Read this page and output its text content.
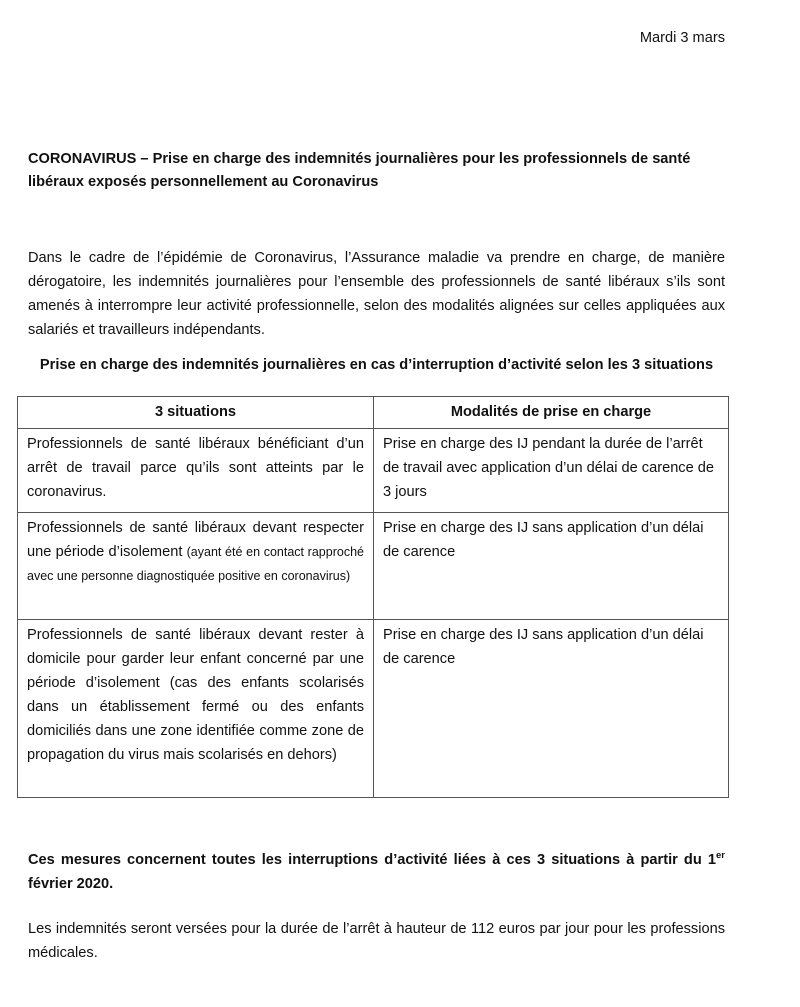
Mardi 3 mars
CORONAVIRUS – Prise en charge des indemnités journalières pour les professionnels de santé libéraux exposés personnellement au Coronavirus
Dans le cadre de l’épidémie de Coronavirus, l’Assurance maladie va prendre en charge, de manière dérogatoire, les indemnités journalières pour l’ensemble des professionnels de santé libéraux s’ils sont amenés à interrompre leur activité professionnelle, selon des modalités alignées sur celles appliquées aux salariés et travailleurs indépendants.
Prise en charge des indemnités journalières en cas d’interruption d’activité selon les 3 situations
3 situations	Modalités de prise en charge
Professionnels de santé libéraux bénéficiant d’un arrêt de travail parce qu’ils sont atteints par le coronavirus.	Prise en charge des IJ pendant la durée de l’arrêt de travail avec application d’un délai de carence de 3 jours
Professionnels de santé libéraux devant respecter une période d’isolement (ayant été en contact rapproché avec une personne diagnostiquée positive en coronavirus)	Prise en charge des IJ sans application d’un délai de carence
Professionnels de santé libéraux devant rester à domicile pour garder leur enfant concerné par une période d’isolement (cas des enfants scolarisés dans un établissement fermé ou des enfants domiciliés dans une zone identifiée comme zone de propagation du virus mais scolarisés en dehors)	Prise en charge des IJ sans application d’un délai de carence
Ces mesures concernent toutes les interruptions d’activité liées à ces 3 situations à partir du 1er février 2020.
Les indemnités seront versées pour la durée de l’arrêt à hauteur de 112 euros par jour pour les professions médicales.
